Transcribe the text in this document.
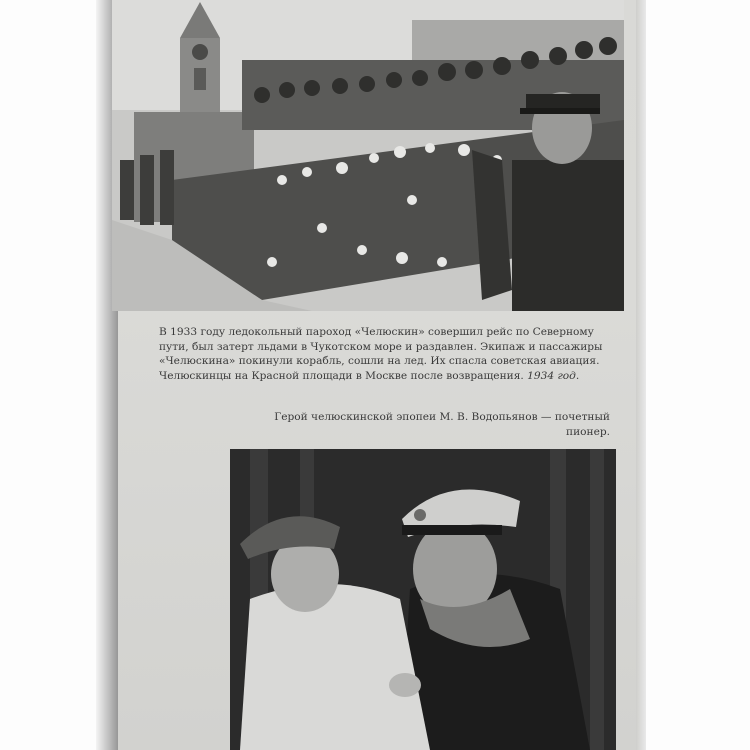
В 1933 году ледокольный пароход «Челюскин» совершил рейс по Северному
пути, был затерт льдами в Чукотском море и раздавлен. Экипаж и пассажиры
«Челюскина» покинули корабль, сошли на лед. Их спасла советская авиация.
Челюскинцы на Красной площади в Москве после возвращения. 1934 год.
Герой челюскинской эпопеи М. В. Водопьянов — почетный
пионер.
